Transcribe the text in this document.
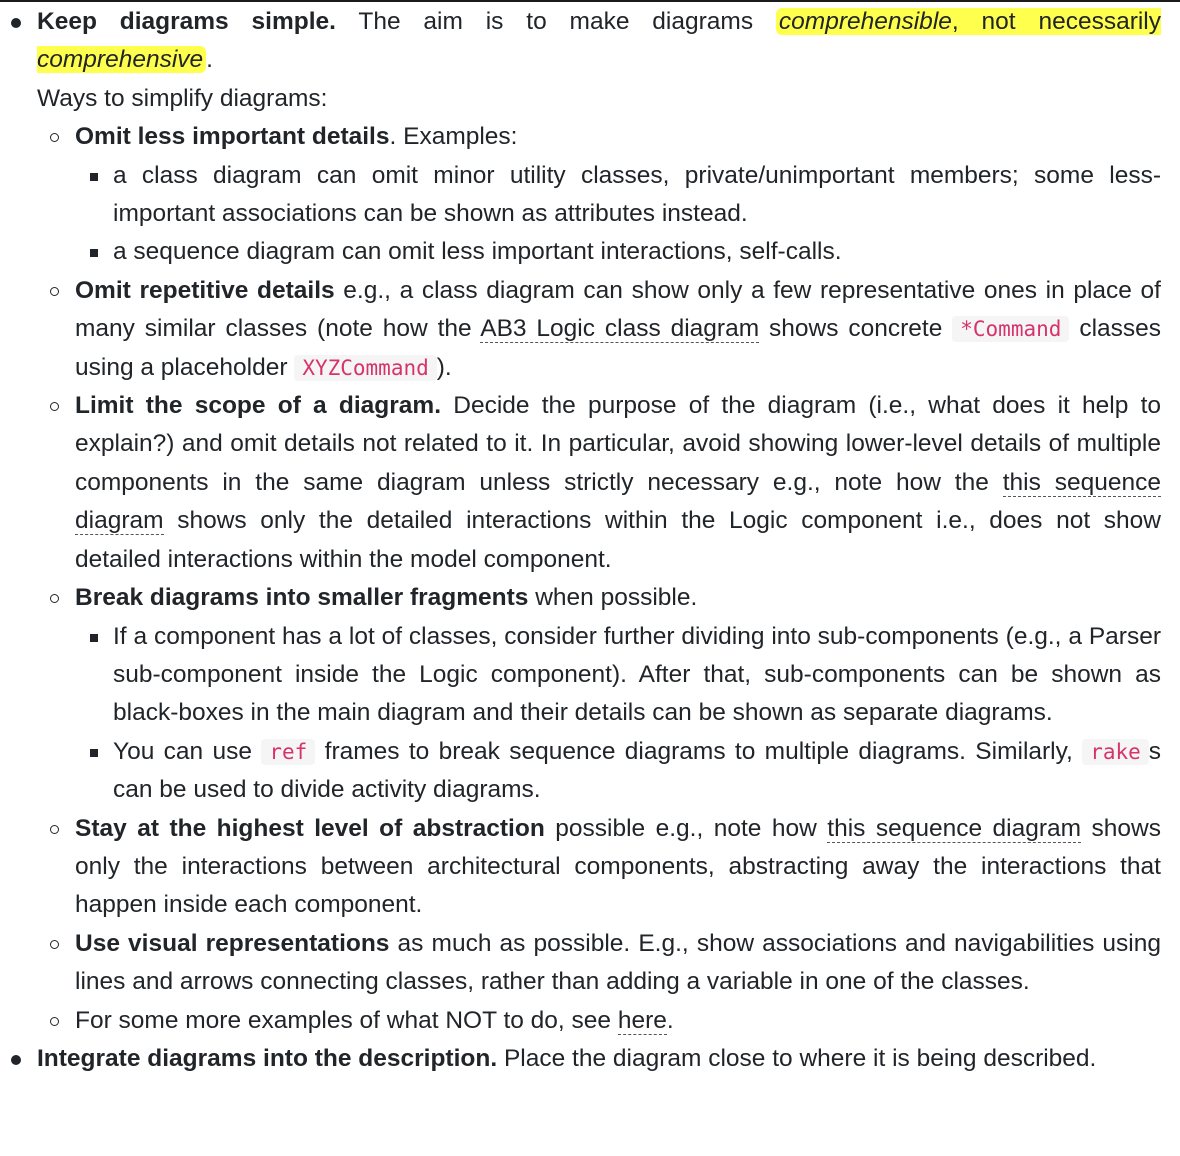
Keep diagrams simple. The aim is to make diagrams comprehensible, not necessarily comprehensive .
Ways to simplify diagrams:
Omit less important details. Examples:
a class diagram can omit minor utility classes, private/unimportant members; some less-important associations can be shown as attributes instead.
a sequence diagram can omit less important interactions, self-calls.
Omit repetitive details e.g., a class diagram can show only a few representative ones in place of many similar classes (note how the AB3 Logic class diagram shows concrete *Command classes using a placeholder XYZCommand ).
Limit the scope of a diagram. Decide the purpose of the diagram (i.e., what does it help to explain?) and omit details not related to it. In particular, avoid showing lower-level details of multiple components in the same diagram unless strictly necessary e.g., note how the this sequence diagram shows only the detailed interactions within the Logic component i.e., does not show detailed interactions within the model component.
Break diagrams into smaller fragments when possible.
If a component has a lot of classes, consider further dividing into sub-components (e.g., a Parser sub-component inside the Logic component). After that, sub-components can be shown as black-boxes in the main diagram and their details can be shown as separate diagrams.
You can use ref frames to break sequence diagrams to multiple diagrams. Similarly, rake s can be used to divide activity diagrams.
Stay at the highest level of abstraction possible e.g., note how this sequence diagram shows only the interactions between architectural components, abstracting away the interactions that happen inside each component.
Use visual representations as much as possible. E.g., show associations and navigabilities using lines and arrows connecting classes, rather than adding a variable in one of the classes.
For some more examples of what NOT to do, see here.
Integrate diagrams into the description. Place the diagram close to where it is being described.
